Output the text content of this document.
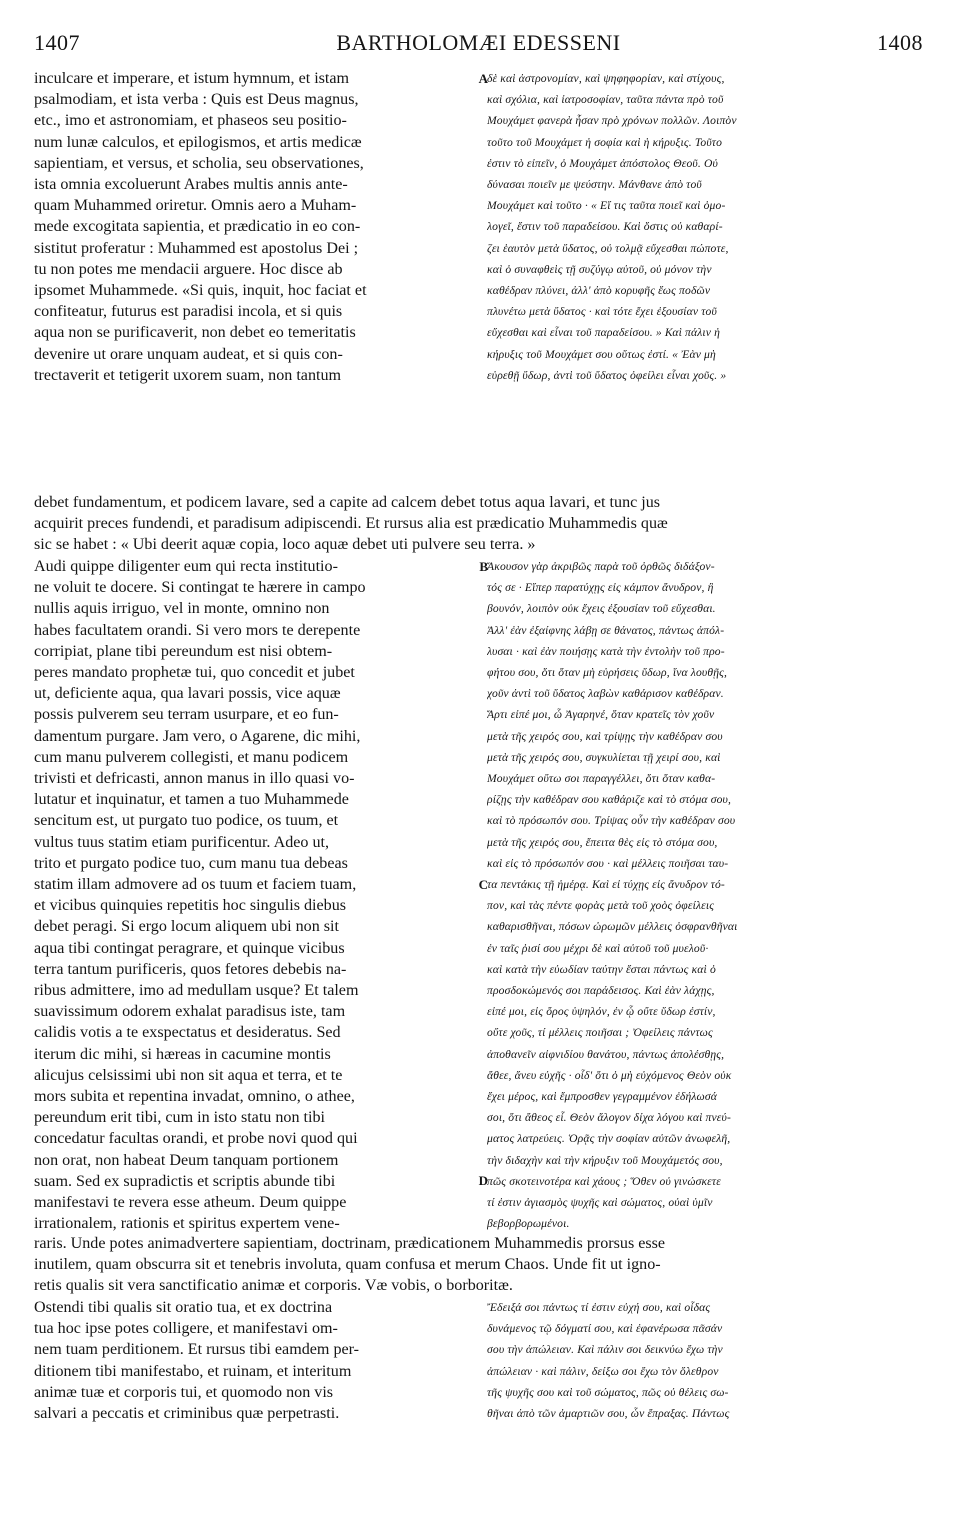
1407	BARTHOLOMÆI EDESSENI	1408
A
inculcare et imperare, et istum hymnum, et istam
psalmodiam, et ista verba : Quis est Deus magnus,
etc., imo et astronomiam, et phaseos seu positio-
num lunæ calculos, et epilogismos, et artis medicæ
sapientiam, et versus, et scholia, seu observationes,
ista omnia excoluerunt Arabes multis annis ante-
quam Muhammed oriretur. Omnis aero a Muham-
mede excogitata sapientia, et prædicatio in eo con-
sistitut proferatur : Muhammed est apostolus Dei ;
tu non potes me mendacii arguere. Hoc disce ab
ipsomet Muhammede. «Si quis, inquit, hoc faciat et
confiteatur, futurus est paradisi incola, et si quis
aqua non se purificaverit, non debet eo temeritatis
devenire ut orare unquam audeat, et si quis con-
trectaverit et tetigerit uxorem suam, non tantum
δὲ καὶ ἀστρονομίαν, καὶ ψηφηφορίαν, καὶ στίχους,
καὶ σχόλια, καὶ ἰατροσοφίαν, ταῦτα πάντα πρὸ τοῦ
Μουχάμετ φανερὰ ἦσαν πρὸ χρόνων πολλῶν. Λοιπὸν
τοῦτο τοῦ Μουχάμετ ἡ σοφία καὶ ἡ κήρυξις. Τοῦτο
ἐστιν τὸ εἰπεῖν, ὁ Μουχάμετ ἀπόστολος Θεοῦ. Οὐ
δύνασαι ποιεῖν με ψεύστην. Μάνθανε ἀπὸ τοῦ
Μουχάμετ καὶ τοῦτο · « Εἴ τις ταῦτα ποιεῖ καὶ ὁμο-
λογεῖ, ἔστιν τοῦ παραδείσου. Καὶ ὅστις οὐ καθαρί-
ζει ἑαυτὸν μετὰ ὕδατος, οὐ τολμᾷ εὔχεσθαι πώποτε,
καὶ ὁ συναφθεὶς τῇ συζύγῳ αὐτοῦ, οὐ μόνον τὴν
καθέδραν πλύνει, ἀλλ' ἀπὸ κορυφῆς ἕως ποδῶν
πλυνέτω μετὰ ὕδατος · καὶ τότε ἔχει ἐξουσίαν τοῦ
εὔχεσθαι καὶ εἶναι τοῦ παραδείσου. » Καὶ πάλιν ἡ
κήρυξις τοῦ Μουχάμετ σου οὕτως ἐστί. « Ἐὰν μὴ
εὑρεθῇ ὕδωρ, ἀντὶ τοῦ ὕδατος ὀφείλει εἶναι χοῦς. »
debet fundamentum, et podicem lavare, sed a capite ad calcem debet totus aqua lavari, et tunc jus
acquirit preces fundendi, et paradisum adipiscendi. Et rursus alia est prædicatio Muhammedis quæ
sic se habet : « Ubi deerit aquæ copia, loco aquæ debet uti pulvere seu terra. »
B
C
D
Audi quippe diligenter eum qui recta institutio-
ne voluit te docere. Si contingat te hærere in campo
nullis aquis irriguo, vel in monte, omnino non
habes facultatem orandi. Si vero mors te derepente
corripiat, plane tibi pereundum est nisi obtem-
peres mandato prophetæ tui, quo concedit et jubet
ut, deficiente aqua, qua lavari possis, vice aquæ
possis pulverem seu terram usurpare, et eo fun-
damentum purgare. Jam vero, o Agarene, dic mihi,
cum manu pulverem collegisti, et manu podicem
trivisti et defricasti, annon manus in illo quasi vo-
lutatur et inquinatur, et tamen a tuo Muhammede
sencitum est, ut purgato tuo podice, os tuum, et
vultus tuus statim etiam purificentur. Adeo ut,
trito et purgato podice tuo, cum manu tua debeas
statim illam admovere ad os tuum et faciem tuam,
et vicibus quinquies repetitis hoc singulis diebus
debet peragi. Si ergo locum aliquem ubi non sit
aqua tibi contingat peragrare, et quinque vicibus
terra tantum purificeris, quos fetores debebis na-
ribus admittere, imo ad medullam usque? Et talem
suavissimum odorem exhalat paradisus iste, tam
calidis votis a te exspectatus et desideratus. Sed
iterum dic mihi, si hæreas in cacumine montis
alicujus celsissimi ubi non sit aqua et terra, et te
mors subita et repentina invadat, omnino, o athee,
pereundum erit tibi, cum in isto statu non tibi
concedatur facultas orandi, et probe novi quod qui
non orat, non habeat Deum tanquam portionem
suam. Sed ex supradictis et scriptis abunde tibi
manifestavi te revera esse atheum. Deum quippe
irrationalem, rationis et spiritus expertem vene-
Ἄκουσον γὰρ ἀκριβῶς παρὰ τοῦ ὀρθῶς διδάξον-
τός σε · Εἴπερ παρατύχῃς εἰς κάμπον ἄνυδρον, ἢ
βουνόν, λοιπὸν οὐκ ἔχεις ἐξουσίαν τοῦ εὔχεσθαι.
Ἀλλ' ἐὰν ἐξαίφνης λάβῃ σε θάνατος, πάντως ἀπόλ-
λυσαι · καὶ ἐὰν ποιήσῃς κατὰ τὴν ἐντολὴν τοῦ προ-
φήτου σου, ὅτι ὅταν μὴ εὑρήσεις ὕδωρ, ἵνα λουθῇς,
χοῦν ἀντὶ τοῦ ὕδατος λαβὼν καθάρισον καθέδραν.
Ἄρτι εἰπέ μοι, ὦ Ἀγαρηνέ, ὅταν κρατεῖς τὸν χοῦν
μετὰ τῆς χειρός σου, καὶ τρίψῃς τὴν καθέδραν σου
μετὰ τῆς χειρός σου, συγκυλίεται τῇ χειρί σου, καὶ
Μουχάμετ οὕτω σοι παραγγέλλει, ὅτι ὅταν καθα-
ρίζῃς τὴν καθέδραν σου καθάριζε καὶ τὸ στόμα σου,
καὶ τὸ πρόσωπόν σου. Τρίψας οὖν τὴν καθέδραν σου
μετὰ τῆς χειρός σου, ἔπειτα θὲς εἰς τὸ στόμα σου,
καὶ εἰς τὸ πρόσωπόν σου · καὶ μέλλεις ποιῆσαι ταυ-
τα πεντάκις τῇ ἡμέρᾳ. Καὶ εἰ τύχῃς εἰς ἄνυδρον τό-
πον, καὶ τὰς πέντε φορὰς μετὰ τοῦ χοὸς ὀφείλεις
καθαρισθῆναι, πόσων ὠρωμῶν μέλλεις ὀσφρανθῆναι
ἐν ταῖς ῥισί σου μέχρι δὲ καὶ αὐτοῦ τοῦ μυελοῦ·
καὶ κατὰ τὴν εὐωδίαν ταύτην ἔσται πάντως καὶ ὁ
προσδοκώμενός σοι παράδεισος. Καὶ ἐὰν λάχῃς,
εἰπέ μοι, εἰς ὄρος ὑψηλόν, ἐν ᾧ οὔτε ὕδωρ ἐστίν,
οὔτε χοῦς, τί μέλλεις ποιῆσαι ; Ὀφείλεις πάντως
ἀποθανεῖν αἰφνιδίου θανάτου, πάντως ἀπολέσθῃς,
ἄθεε, ἄνευ εὐχῆς · οἶδ' ὅτι ὁ μὴ εὐχόμενος Θεὸν οὐκ
ἔχει μέρος, καὶ ἔμπροσθεν γεγραμμένον ἐδήλωσά
σοι, ὅτι ἄθεος εἶ. Θεὸν ἄλογον δίχα λόγου καὶ πνεύ-
ματος λατρεύεις. Ὁρᾷς τὴν σοφίαν αὐτῶν ἀνωφελῆ,
τὴν διδαχὴν καὶ τὴν κήρυξιν τοῦ Μουχάμετός σου,
πῶς σκοτεινοτέρα καὶ χάους ; Ὅθεν οὐ γινώσκετε
τί ἐστιν ἁγιασμὸς ψυχῆς καὶ σώματος, οὐαὶ ὑμῖν
βεβορβορωμένοι.
raris. Unde potes animadvertere sapientiam, doctrinam, prædicationem Muhammedis prorsus esse
inutilem, quam obscurra sit et tenebris involuta, quam confusa et merum Chaos. Unde fit ut igno-
retis qualis sit vera sanctificatio animæ et corporis. Væ vobis, o borboritæ.
Ostendi tibi qualis sit oratio tua, et ex doctrina
tua hoc ipse potes colligere, et manifestavi om-
nem tuam perditionem. Et rursus tibi eamdem per-
ditionem tibi manifestabo, et ruinam, et interitum
animæ tuæ et corporis tui, et quomodo non vis
salvari a peccatis et criminibus quæ perpetrasti.
Ἔδειξά σοι πάντως τί ἐστιν εὐχή σου, καὶ οἶδας
δυνάμενος τῷ δόγματί σου, καὶ ἐφανέρωσα πᾶσάν
σου τὴν ἀπώλειαν. Καὶ πάλιν σοι δεικνύω ἔχω τὴν
ἀπώλειαν · καὶ πάλιν, δείξω σοι ἔχω τὸν ὄλεθρον
τῆς ψυχῆς σου καὶ τοῦ σώματος, πῶς οὐ θέλεις σω-
θῆναι ἀπὸ τῶν ἁμαρτιῶν σου, ὧν ἔπραξας. Πάντως
